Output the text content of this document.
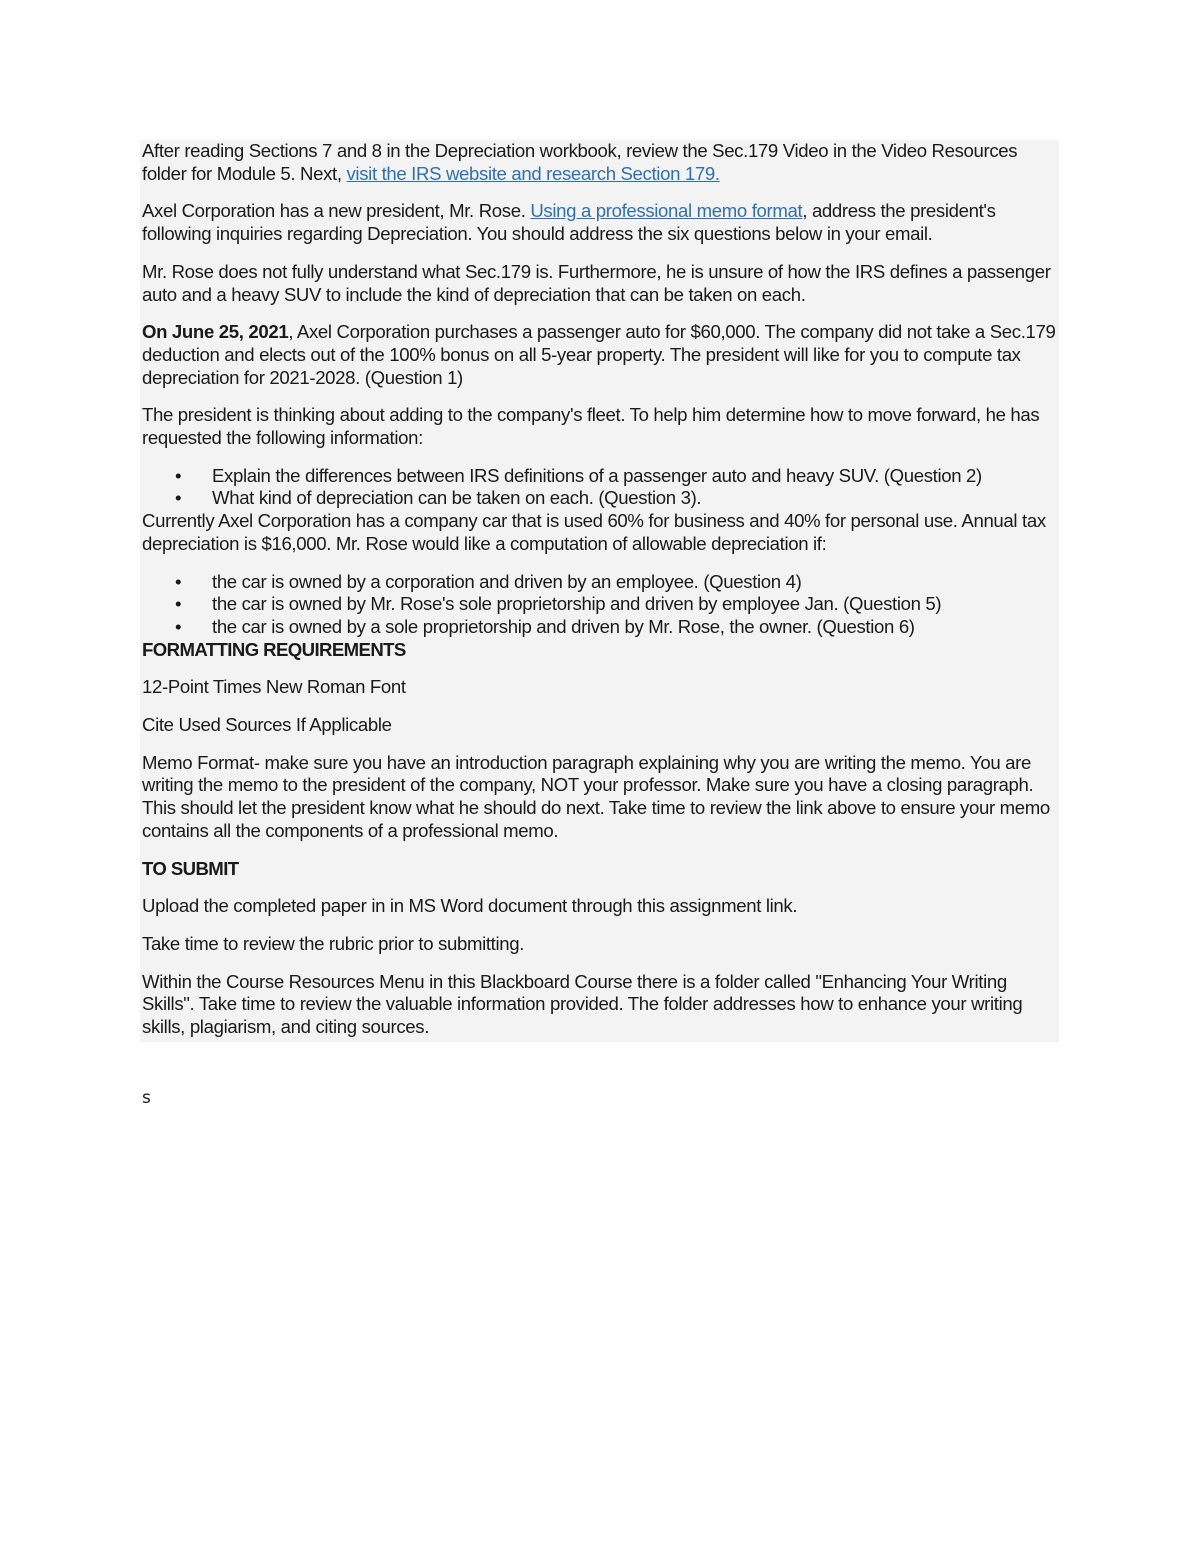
After reading Sections 7 and 8 in the Depreciation workbook, review the Sec.179 Video in the Video Resources folder for Module 5. Next, visit the IRS website and research Section 179.

Axel Corporation has a new president, Mr. Rose. Using a professional memo format, address the president's following inquiries regarding Depreciation. You should address the six questions below in your email.

Mr. Rose does not fully understand what Sec.179 is. Furthermore, he is unsure of how the IRS defines a passenger auto and a heavy SUV to include the kind of depreciation that can be taken on each.

On June 25, 2021, Axel Corporation purchases a passenger auto for $60,000. The company did not take a Sec.179 deduction and elects out of the 100% bonus on all 5-year property. The president will like for you to compute tax depreciation for 2021-2028. (Question 1)

The president is thinking about adding to the company's fleet. To help him determine how to move forward, he has requested the following information:

• Explain the differences between IRS definitions of a passenger auto and heavy SUV. (Question 2)
• What kind of depreciation can be taken on each. (Question 3).

Currently Axel Corporation has a company car that is used 60% for business and 40% for personal use. Annual tax depreciation is $16,000. Mr. Rose would like a computation of allowable depreciation if:

• the car is owned by a corporation and driven by an employee. (Question 4)
• the car is owned by Mr. Rose's sole proprietorship and driven by employee Jan. (Question 5)
• the car is owned by a sole proprietorship and driven by Mr. Rose, the owner. (Question 6)

FORMATTING REQUIREMENTS

12-Point Times New Roman Font

Cite Used Sources If Applicable

Memo Format- make sure you have an introduction paragraph explaining why you are writing the memo. You are writing the memo to the president of the company, NOT your professor. Make sure you have a closing paragraph. This should let the president know what he should do next. Take time to review the link above to ensure your memo contains all the components of a professional memo.

TO SUBMIT

Upload the completed paper in in MS Word document through this assignment link.

Take time to review the rubric prior to submitting.

Within the Course Resources Menu in this Blackboard Course there is a folder called "Enhancing Your Writing Skills". Take time to review the valuable information provided. The folder addresses how to enhance your writing skills, plagiarism, and citing sources.

s
